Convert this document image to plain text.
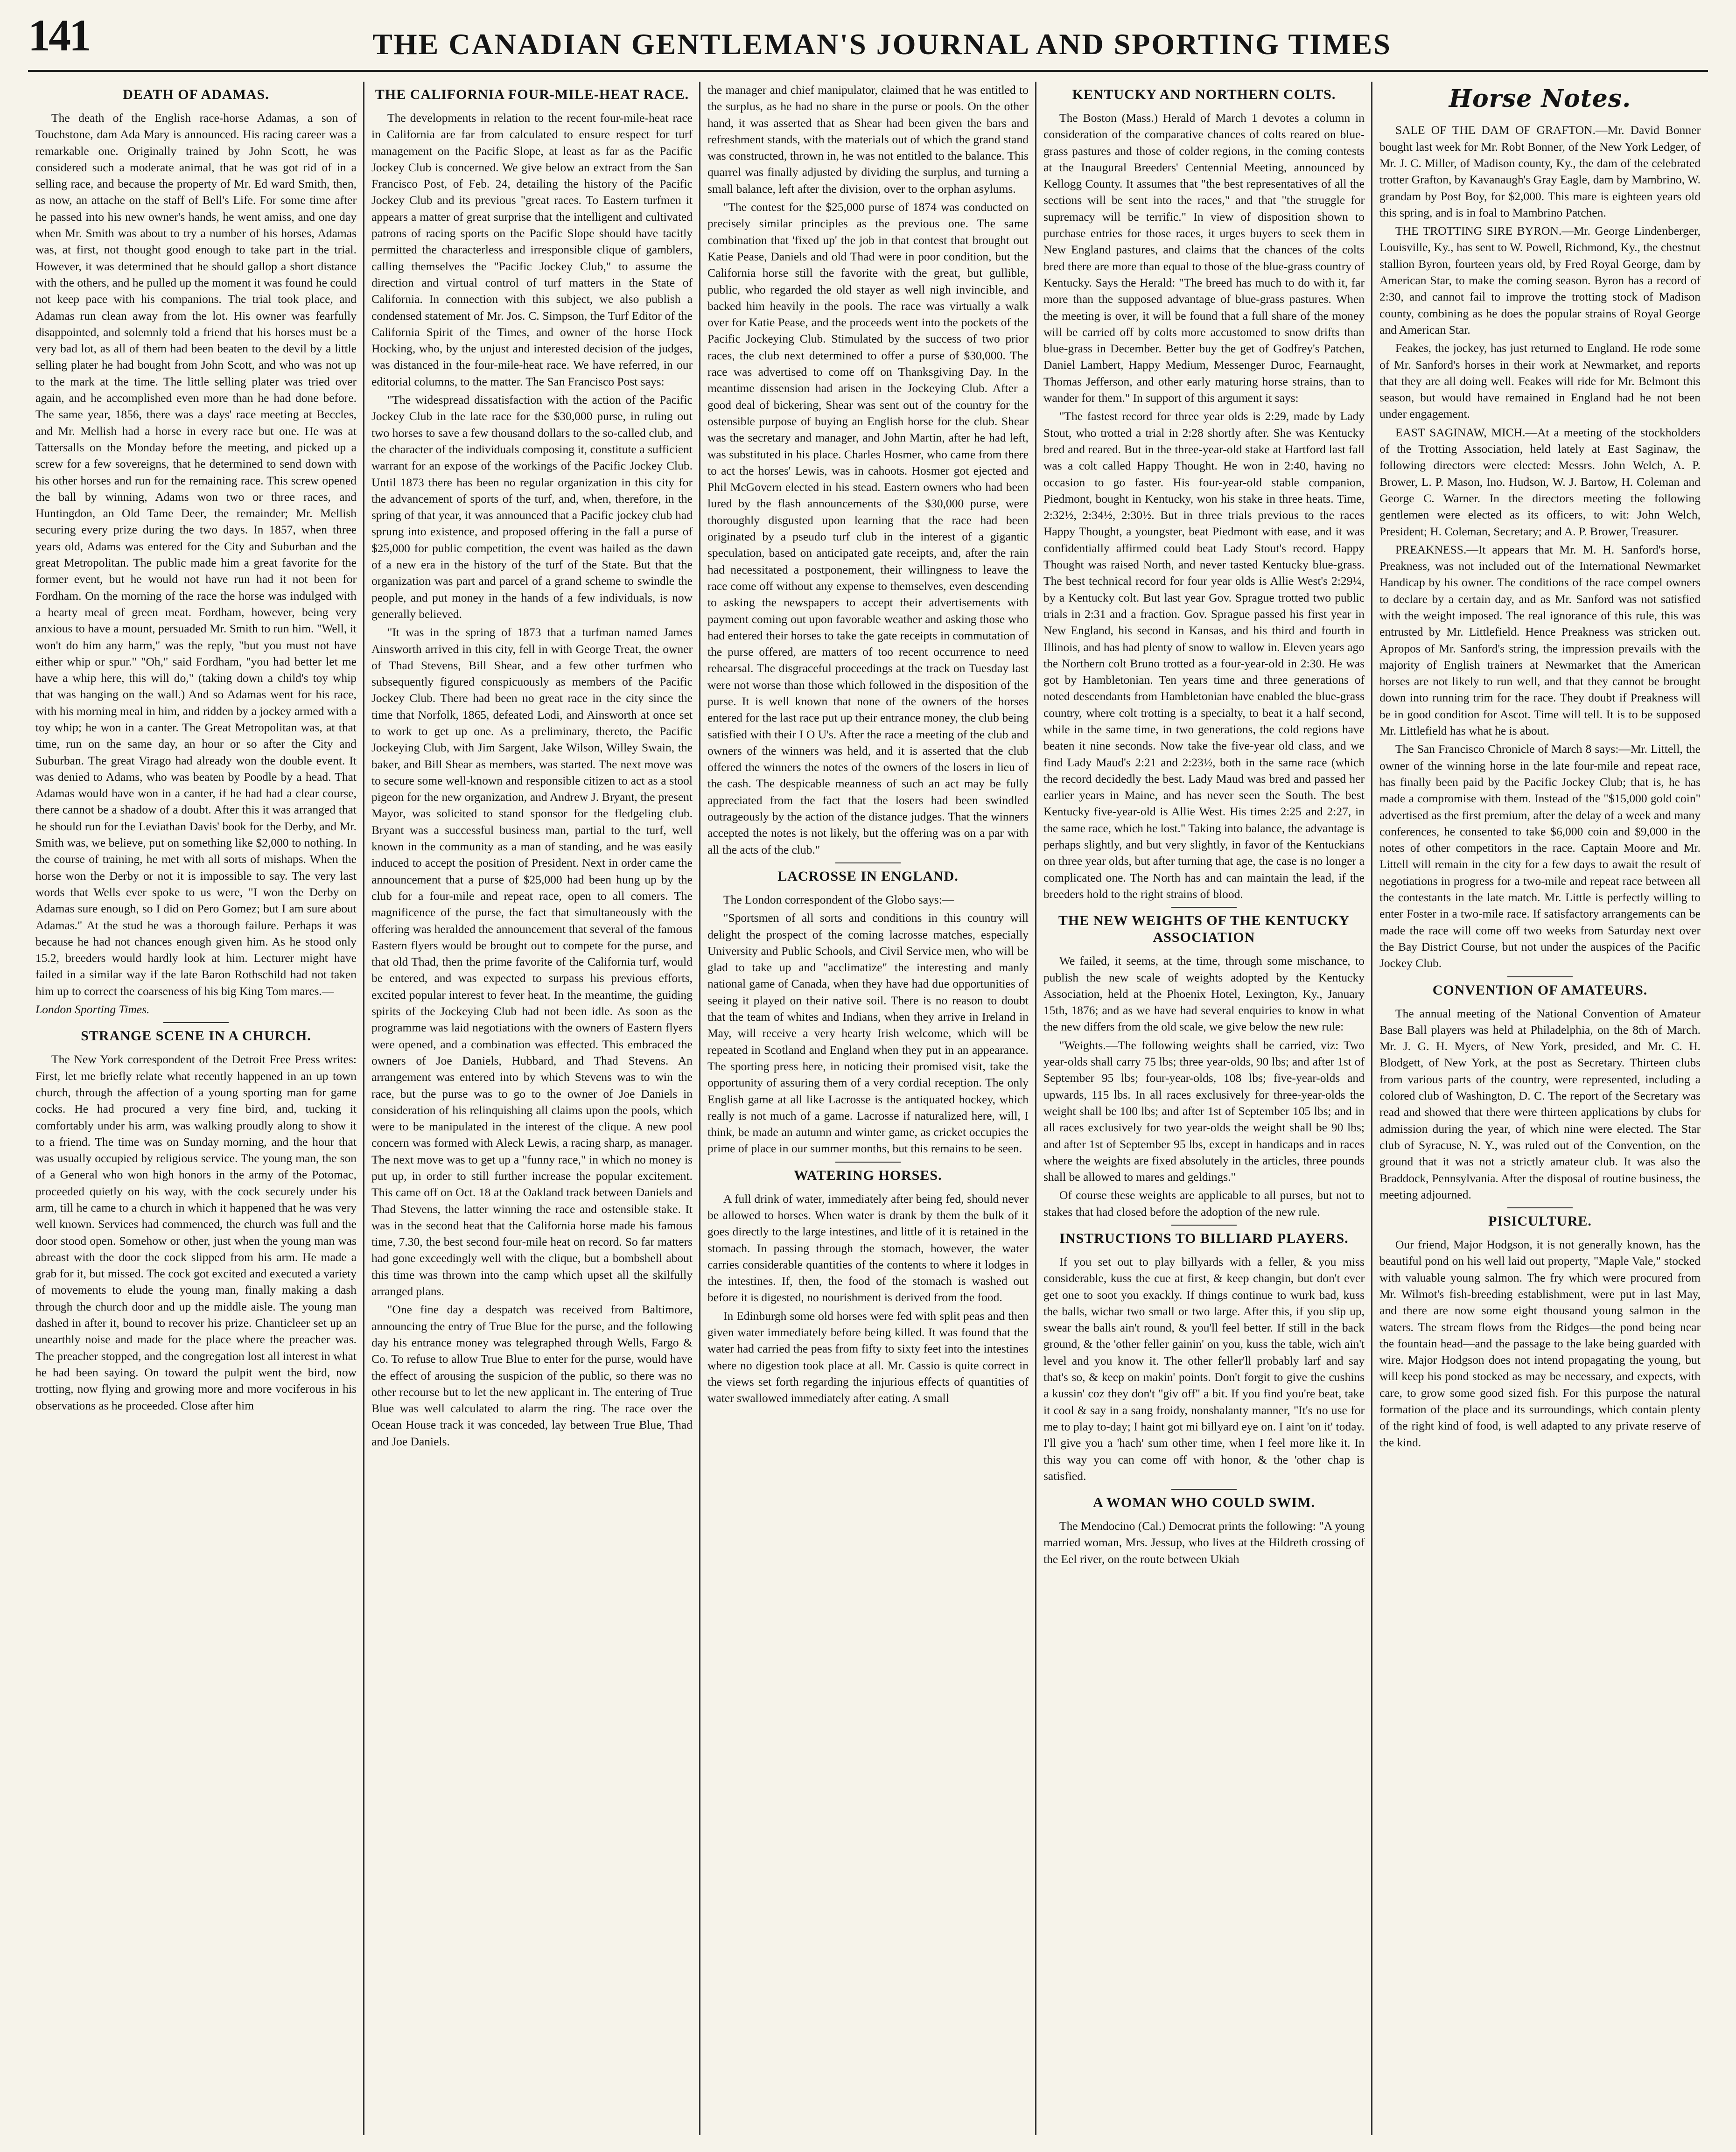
141	THE CANADIAN GENTLEMAN'S JOURNAL AND SPORTING TIMES
DEATH OF ADAMAS.

The death of the English race-horse Adamas, a son of Touchstone, dam Ada Mary is announced. His racing career was a remarkable one. Originally trained by John Scott, he was considered such a moderate animal, that he was got rid of in a selling race, and because the property of Mr. Ed ward Smith, then, as now, an attache on the staff of Bell's Life. For some time after he passed into his new owner's hands, he went amiss, and one day when Mr. Smith was about to try a number of his horses, Adamas was, at first, not thought good enough to take part in the trial. However, it was determined that he should gallop a short distance with the others, and he pulled up the moment it was found he could not keep pace with his companions. The trial took place, and Adamas run clean away from the lot. His owner was fearfully disappointed, and solemnly told a friend that his horses must be a very bad lot, as all of them had been beaten to the devil by a little selling plater he had bought from John Scott, and who was not up to the mark at the time. The little selling plater was tried over again, and he accomplished even more than he had done before. The same year, 1856, there was a days' race meeting at Beccles, and Mr. Mellish had a horse in every race but one. He was at Tattersalls on the Monday before the meeting, and picked up a screw for a few sovereigns, that he determined to send down with his other horses and run for the remaining race. This screw opened the ball by winning, Adams won two or three races, and Huntingdon, an Old Tame Deer, the remainder; Mr. Mellish securing every prize during the two days. In 1857, when three years old, Adams was entered for the City and Suburban and the great Metropolitan. The public made him a great favorite for the former event, but he would not have run had it not been for Fordham. On the morning of the race the horse was indulged with a hearty meal of green meat. Fordham, however, being very anxious to have a mount, persuaded Mr. Smith to run him. "Well, it won't do him any harm," was the reply, "but you must not have either whip or spur." "Oh," said Fordham, "you had better let me have a whip here, this will do," (taking down a child's toy whip that was hanging on the wall.) And so Adamas went for his race, with his morning meal in him, and ridden by a jockey armed with a toy whip; he won in a canter. The Great Metropolitan was, at that time, run on the same day, an hour or so after the City and Suburban. The great Virago had already won the double event. It was denied to Adams, who was beaten by Poodle by a head. That Adamas would have won in a canter, if he had had a clear course, there cannot be a shadow of a doubt. After this it was arranged that he should run for the Leviathan Davis' book for the Derby, and Mr. Smith was, we believe, put on something like $2,000 to nothing. In the course of training, he met with all sorts of mishaps. When the horse won the Derby or not it is impossible to say. The very last words that Wells ever spoke to us were, "I won the Derby on Adamas sure enough, so I did on Pero Gomez; but I am sure about Adamas." At the stud he was a thorough failure. Perhaps it was because he had not chances enough given him. As he stood only 15.2, breeders would hardly look at him. Lecturer might have failed in a similar way if the late Baron Rothschild had not taken him up to correct the coarseness of his big King Tom mares.—

London Sporting Times.

STRANGE SCENE IN A CHURCH.

The New York correspondent of the Detroit Free Press writes: First, let me briefly relate what recently happened in an up town church, through the affection of a young sporting man for game cocks. He had procured a very fine bird, and, tucking it comfortably under his arm, was walking proudly along to show it to a friend. The time was on Sunday morning, and the hour that was usually occupied by religious service. The young man, the son of a General who won high honors in the army of the Potomac, proceeded quietly on his way, with the cock securely under his arm, till he came to a church in which it happened that he was very well known. Services had commenced, the church was full and the door stood open. Somehow or other, just when the young man was abreast with the door the cock slipped from his arm. He made a grab for it, but missed. The cock got excited and executed a variety of movements to elude the young man, finally making a dash through the church door and up the middle aisle. The young man dashed in after it, bound to recover his prize. Chanticleer set up an unearthly noise and made for the place where the preacher was. The preacher stopped, and the congregation lost all interest in what he had been saying. On toward the pulpit went the bird, now trotting, now flying and growing more and more vociferous in his observations as he proceeded. Close after him

THE CALIFORNIA FOUR-MILE-HEAT RACE.

The developments in relation to the recent four-mile-heat race in California are far from calculated to ensure respect for turf management on the Pacific Slope, at least as far as the Pacific Jockey Club is concerned. We give below an extract from the San Francisco Post, of Feb. 24, detailing the history of the Pacific Jockey Club and its previous "great races. To Eastern turfmen it appears a matter of great surprise that the intelligent and cultivated patrons of racing sports on the Pacific Slope should have tacitly permitted the characterless and irresponsible clique of gamblers, calling themselves the "Pacific Jockey Club," to assume the direction and virtual control of turf matters in the State of California. In connection with this subject, we also publish a condensed statement of Mr. Jos. C. Simpson, the Turf Editor of the California Spirit of the Times, and owner of the horse Hock Hocking, who, by the unjust and interested decision of the judges, was distanced in the four-mile-heat race. We have referred, in our editorial columns, to the matter. The San Francisco Post says:

"The widespread dissatisfaction with the action of the Pacific Jockey Club in the late race for the $30,000 purse, in ruling out two horses to save a few thousand dollars to the so-called club, and the character of the individuals composing it, constitute a sufficient warrant for an expose of the workings of the Pacific Jockey Club. Until 1873 there has been no regular organization in this city for the advancement of sports of the turf, and, when, therefore, in the spring of that year, it was announced that a Pacific jockey club had sprung into existence, and proposed offering in the fall a purse of $25,000 for public competition, the event was hailed as the dawn of a new era in the history of the turf of the State. But that the organization was part and parcel of a grand scheme to swindle the people, and put money in the hands of a few individuals, is now generally believed.

"It was in the spring of 1873 that a turfman named James Ainsworth arrived in this city, fell in with George Treat, the owner of Thad Stevens, Bill Shear, and a few other turfmen who subsequently figured conspicuously as members of the Pacific Jockey Club. There had been no great race in the city since the time that Norfolk, 1865, defeated Lodi, and Ainsworth at once set to work to get up one. As a preliminary, thereto, the Pacific Jockeying Club, with Jim Sargent, Jake Wilson, Willey Swain, the baker, and Bill Shear as members, was started. The next move was to secure some well-known and responsible citizen to act as a stool pigeon for the new organization, and Andrew J. Bryant, the present Mayor, was solicited to stand sponsor for the fledgeling club. Bryant was a successful business man, partial to the turf, well known in the community as a man of standing, and he was easily induced to accept the position of President. Next in order came the announcement that a purse of $25,000 had been hung up by the club for a four-mile and repeat race, open to all comers. The magnificence of the purse, the fact that simultaneously with the offering was heralded the announcement that several of the famous Eastern flyers would be brought out to compete for the purse, and that old Thad, then the prime favorite of the California turf, would be entered, and was expected to surpass his previous efforts, excited popular interest to fever heat. In the meantime, the guiding spirits of the Jockeying Club had not been idle. As soon as the programme was laid negotiations with the owners of Eastern flyers were opened, and a combination was effected. This embraced the owners of Joe Daniels, Hubbard, and Thad Stevens. An arrangement was entered into by which Stevens was to win the race, but the purse was to go to the owner of Joe Daniels in consideration of his relinquishing all claims upon the pools, which were to be manipulated in the interest of the clique. A new pool concern was formed with Aleck Lewis, a racing sharp, as manager. The next move was to get up a "funny race," in which no money is put up, in order to still further increase the popular excitement. This came off on Oct. 18 at the Oakland track between Daniels and Thad Stevens, the latter winning the race and ostensible stake. It was in the second heat that the California horse made his famous time, 7.30, the best second four-mile heat on record. So far matters had gone exceedingly well with the clique, but a bombshell about this time was thrown into the camp which upset all the skilfully arranged plans.

"One fine day a despatch was received from Baltimore, announcing the entry of True Blue for the purse, and the following day his entrance money was telegraphed through Wells, Fargo & Co. To refuse to allow True Blue to enter for the purse, would have the effect of arousing the suspicion of the public, so there was no other recourse but to let the new applicant in. The entering of True Blue was well calculated to alarm the ring. The race over the Ocean House track it was conceded, lay between True Blue, Thad and Joe Daniels.

the manager and chief manipulator, claimed that he was entitled to the surplus, as he had no share in the purse or pools. On the other hand, it was asserted that as Shear had been given the bars and refreshment stands, with the materials out of which the grand stand was constructed, thrown in, he was not entitled to the balance. This quarrel was finally adjusted by dividing the surplus, and turning a small balance, left after the division, over to the orphan asylums.

"The contest for the $25,000 purse of 1874 was conducted on precisely similar principles as the previous one. The same combination that 'fixed up' the job in that contest that brought out Katie Pease, Daniels and old Thad were in poor condition, but the California horse still the favorite with the great, but gullible, public, who regarded the old stayer as well nigh invincible, and backed him heavily in the pools. The race was virtually a walk over for Katie Pease, and the proceeds went into the pockets of the Pacific Jockeying Club. Stimulated by the success of two prior races, the club next determined to offer a purse of $30,000. The race was advertised to come off on Thanksgiving Day. In the meantime dissension had arisen in the Jockeying Club. After a good deal of bickering, Shear was sent out of the country for the ostensible purpose of buying an English horse for the club. Shear was the secretary and manager, and John Martin, after he had left, was substituted in his place. Charles Hosmer, who came from there to act the horses' Lewis, was in cahoots. Hosmer got ejected and Phil McGovern elected in his stead. Eastern owners who had been lured by the flash announcements of the $30,000 purse, were thoroughly disgusted upon learning that the race had been originated by a pseudo turf club in the interest of a gigantic speculation, based on anticipated gate receipts, and, after the rain had necessitated a postponement, their willingness to leave the race come off without any expense to themselves, even descending to asking the newspapers to accept their advertisements with payment coming out upon favorable weather and asking those who had entered their horses to take the gate receipts in commutation of the purse offered, are matters of too recent occurrence to need rehearsal. The disgraceful proceedings at the track on Tuesday last were not worse than those which followed in the disposition of the purse. It is well known that none of the owners of the horses entered for the last race put up their entrance money, the club being satisfied with their I O U's. After the race a meeting of the club and owners of the winners was held, and it is asserted that the club offered the winners the notes of the owners of the losers in lieu of the cash. The despicable meanness of such an act may be fully appreciated from the fact that the losers had been swindled outrageously by the action of the distance judges. That the winners accepted the notes is not likely, but the offering was on a par with all the acts of the club."

LACROSSE IN ENGLAND.

The London correspondent of the Globo says:—

"Sportsmen of all sorts and conditions in this country will delight the prospect of the coming lacrosse matches, especially University and Public Schools, and Civil Service men, who will be glad to take up and "acclimatize" the interesting and manly national game of Canada, when they have had due opportunities of seeing it played on their native soil. There is no reason to doubt that the team of whites and Indians, when they arrive in Ireland in May, will receive a very hearty Irish welcome, which will be repeated in Scotland and England when they put in an appearance. The sporting press here, in noticing their promised visit, take the opportunity of assuring them of a very cordial reception. The only English game at all like Lacrosse is the antiquated hockey, which really is not much of a game. Lacrosse if naturalized here, will, I think, be made an autumn and winter game, as cricket occupies the prime of place in our summer months, but this remains to be seen.

WATERING HORSES.

A full drink of water, immediately after being fed, should never be allowed to horses. When water is drank by them the bulk of it goes directly to the large intestines, and little of it is retained in the stomach. In passing through the stomach, however, the water carries considerable quantities of the contents to where it lodges in the intestines. If, then, the food of the stomach is washed out before it is digested, no nourishment is derived from the food.

In Edinburgh some old horses were fed with split peas and then given water immediately before being killed. It was found that the water had carried the peas from fifty to sixty feet into the intestines where no digestion took place at all. Mr. Cassio is quite correct in the views set forth regarding the injurious effects of quantities of water swallowed immediately after eating. A small

KENTUCKY AND NORTHERN COLTS.

The Boston (Mass.) Herald of March 1 devotes a column in consideration of the comparative chances of colts reared on blue-grass pastures and those of colder regions, in the coming contests at the Inaugural Breeders' Centennial Meeting, announced by Kellogg County. It assumes that "the best representatives of all the sections will be sent into the races," and that "the struggle for supremacy will be terrific." In view of disposition shown to purchase entries for those races, it urges buyers to seek them in New England pastures, and claims that the chances of the colts bred there are more than equal to those of the blue-grass country of Kentucky. Says the Herald: "The breed has much to do with it, far more than the supposed advantage of blue-grass pastures. When the meeting is over, it will be found that a full share of the money will be carried off by colts more accustomed to snow drifts than blue-grass in December. Better buy the get of Godfrey's Patchen, Daniel Lambert, Happy Medium, Messenger Duroc, Fearnaught, Thomas Jefferson, and other early maturing horse strains, than to wander for them." In support of this argument it says:

"The fastest record for three year olds is 2:29, made by Lady Stout, who trotted a trial in 2:28 shortly after. She was Kentucky bred and reared. But in the three-year-old stake at Hartford last fall was a colt called Happy Thought. He won in 2:40, having no occasion to go faster. His four-year-old stable companion, Piedmont, bought in Kentucky, won his stake in three heats. Time, 2:32½, 2:34½, 2:30½. But in three trials previous to the races Happy Thought, a youngster, beat Piedmont with ease, and it was confidentially affirmed could beat Lady Stout's record. Happy Thought was raised North, and never tasted Kentucky blue-grass. The best technical record for four year olds is Allie West's 2:29¼, by a Kentucky colt. But last year Gov. Sprague trotted two public trials in 2:31 and a fraction. Gov. Sprague passed his first year in New England, his second in Kansas, and his third and fourth in Illinois, and has had plenty of snow to wallow in. Eleven years ago the Northern colt Bruno trotted as a four-year-old in 2:30. He was got by Hambletonian. Ten years time and three generations of noted descendants from Hambletonian have enabled the blue-grass country, where colt trotting is a specialty, to beat it a half second, while in the same time, in two generations, the cold regions have beaten it nine seconds. Now take the five-year old class, and we find Lady Maud's 2:21 and 2:23½, both in the same race (which the record decidedly the best. Lady Maud was bred and passed her earlier years in Maine, and has never seen the South. The best Kentucky five-year-old is Allie West. His times 2:25 and 2:27, in the same race, which he lost." Taking into balance, the advantage is perhaps slightly, and but very slightly, in favor of the Kentuckians on three year olds, but after turning that age, the case is no longer a complicated one. The North has and can maintain the lead, if the breeders hold to the right strains of blood.

THE NEW WEIGHTS OF THE KENTUCKY ASSOCIATION

We failed, it seems, at the time, through some mischance, to publish the new scale of weights adopted by the Kentucky Association, held at the Phoenix Hotel, Lexington, Ky., January 15th, 1876; and as we have had several enquiries to know in what the new differs from the old scale, we give below the new rule:

"Weights.—The following weights shall be carried, viz: Two year-olds shall carry 75 lbs; three year-olds, 90 lbs; and after 1st of September 95 lbs; four-year-olds, 108 lbs; five-year-olds and upwards, 115 lbs. In all races exclusively for three-year-olds the weight shall be 100 lbs; and after 1st of September 105 lbs; and in all races exclusively for two year-olds the weight shall be 90 lbs; and after 1st of September 95 lbs, except in handicaps and in races where the weights are fixed absolutely in the articles, three pounds shall be allowed to mares and geldings."

Of course these weights are applicable to all purses, but not to stakes that had closed before the adoption of the new rule.

INSTRUCTIONS TO BILLIARD PLAYERS.

If you set out to play billyards with a feller, & you miss considerable, kuss the cue at first, & keep changin, but don't ever get one to soot you exackly. If things continue to wurk bad, kuss the balls, wichar two small or two large. After this, if you slip up, swear the balls ain't round, & you'll feel better. If still in the back ground, & the 'other feller gainin' on you, kuss the table, wich ain't level and you know it. The other feller'll probably larf and say that's so, & keep on makin' points. Don't forgit to give the cushins a kussin' coz they don't "giv off" a bit. If you find you're beat, take it cool & say in a sang froidy, nonshalanty manner, "It's no use for me to play to-day; I haint got mi billyard eye on. I aint 'on it' today. I'll give you a 'hach' sum other time, when I feel more like it. In this way you can come off with honor, & the 'other chap is satisfied.

A WOMAN WHO COULD SWIM.

The Mendocino (Cal.) Democrat prints the following: "A young married woman, Mrs. Jessup, who lives at the Hildreth crossing of the Eel river, on the route between Ukiah

Horse Notes.

SALE OF THE DAM OF GRAFTON.—Mr. David Bonner bought last week for Mr. Robt Bonner, of the New York Ledger, of Mr. J. C. Miller, of Madison county, Ky., the dam of the celebrated trotter Grafton, by Kavanaugh's Gray Eagle, dam by Mambrino, W. grandam by Post Boy, for $2,000. This mare is eighteen years old this spring, and is in foal to Mambrino Patchen.

THE TROTTING SIRE BYRON.—Mr. George Lindenberger, Louisville, Ky., has sent to W. Powell, Richmond, Ky., the chestnut stallion Byron, fourteen years old, by Fred Royal George, dam by American Star, to make the coming season. Byron has a record of 2:30, and cannot fail to improve the trotting stock of Madison county, combining as he does the popular strains of Royal George and American Star.

Feakes, the jockey, has just returned to England. He rode some of Mr. Sanford's horses in their work at Newmarket, and reports that they are all doing well. Feakes will ride for Mr. Belmont this season, but would have remained in England had he not been under engagement.

EAST SAGINAW, MICH.—At a meeting of the stockholders of the Trotting Association, held lately at East Saginaw, the following directors were elected: Messrs. John Welch, A. P. Brower, L. P. Mason, Ino. Hudson, W. J. Bartow, H. Coleman and George C. Warner. In the directors meeting the following gentlemen were elected as its officers, to wit: John Welch, President; H. Coleman, Secretary; and A. P. Brower, Treasurer.

PREAKNESS.—It appears that Mr. M. H. Sanford's horse, Preakness, was not included out of the International Newmarket Handicap by his owner. The conditions of the race compel owners to declare by a certain day, and as Mr. Sanford was not satisfied with the weight imposed. The real ignorance of this rule, this was entrusted by Mr. Littlefield. Hence Preakness was stricken out. Apropos of Mr. Sanford's string, the impression prevails with the majority of English trainers at Newmarket that the American horses are not likely to run well, and that they cannot be brought down into running trim for the race. They doubt if Preakness will be in good condition for Ascot. Time will tell. It is to be supposed Mr. Littlefield has what he is about.

The San Francisco Chronicle of March 8 says:—Mr. Littell, the owner of the winning horse in the late four-mile and repeat race, has finally been paid by the Pacific Jockey Club; that is, he has made a compromise with them. Instead of the "$15,000 gold coin" advertised as the first premium, after the delay of a week and many conferences, he consented to take $6,000 coin and $9,000 in the notes of other competitors in the race. Captain Moore and Mr. Littell will remain in the city for a few days to await the result of negotiations in progress for a two-mile and repeat race between all the contestants in the late match. Mr. Little is perfectly willing to enter Foster in a two-mile race. If satisfactory arrangements can be made the race will come off two weeks from Saturday next over the Bay District Course, but not under the auspices of the Pacific Jockey Club.

CONVENTION OF AMATEURS.

The annual meeting of the National Convention of Amateur Base Ball players was held at Philadelphia, on the 8th of March. Mr. J. G. H. Myers, of New York, presided, and Mr. C. H. Blodgett, of New York, at the post as Secretary. Thirteen clubs from various parts of the country, were represented, including a colored club of Washington, D. C. The report of the Secretary was read and showed that there were thirteen applications by clubs for admission during the year, of which nine were elected. The Star club of Syracuse, N. Y., was ruled out of the Convention, on the ground that it was not a strictly amateur club. It was also the Braddock, Pennsylvania. After the disposal of routine business, the meeting adjourned.

PISICULTURE.

Our friend, Major Hodgson, it is not generally known, has the beautiful pond on his well laid out property, "Maple Vale," stocked with valuable young salmon. The fry which were procured from Mr. Wilmot's fish-breeding establishment, were put in last May, and there are now some eight thousand young salmon in the waters. The stream flows from the Ridges—the pond being near the fountain head—and the passage to the lake being guarded with wire. Major Hodgson does not intend propagating the young, but will keep his pond stocked as may be necessary, and expects, with care, to grow some good sized fish. For this purpose the natural formation of the place and its surroundings, which contain plenty of the right kind of food, is well adapted to any private reserve of the kind.
